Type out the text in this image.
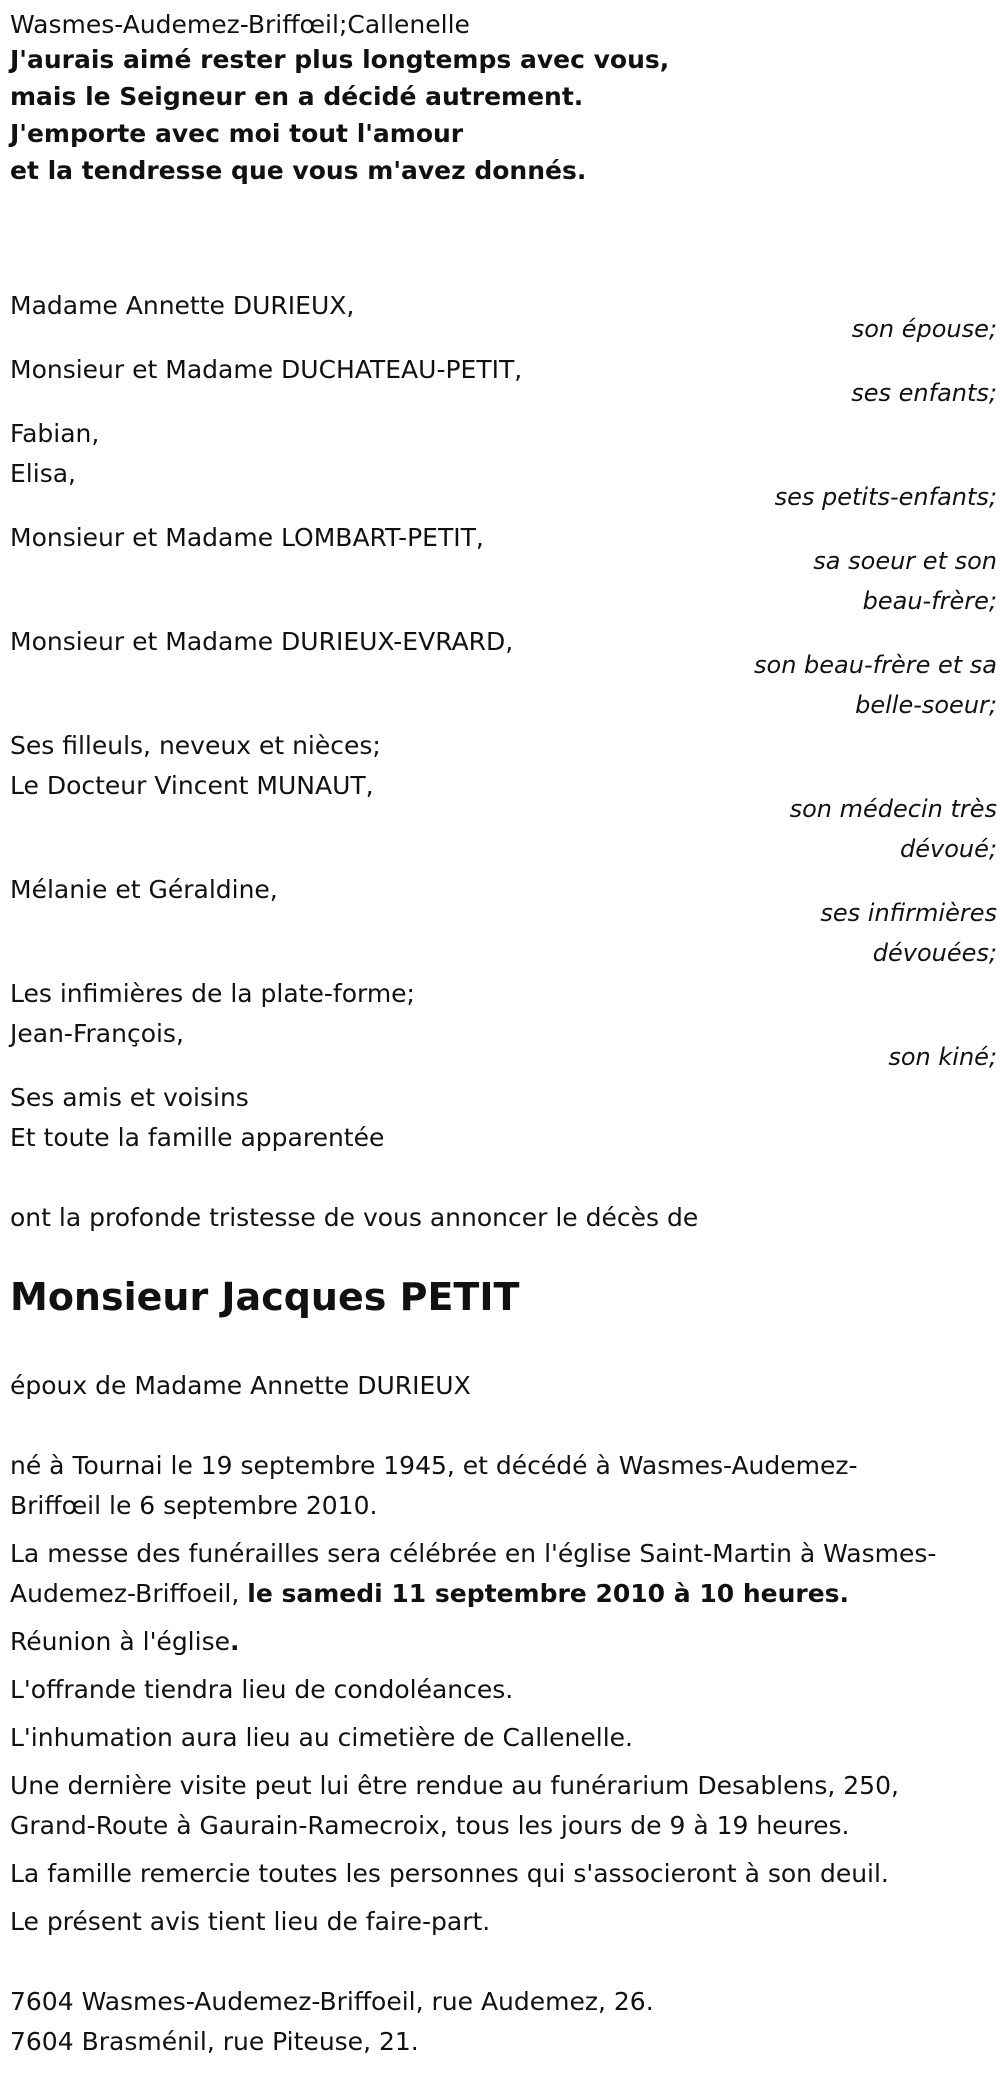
Wasmes-Audemez-Briffœil;Callenelle

J'aurais aimé rester plus longtemps avec vous,

mais le Seigneur en a décidé autrement.

J'emporte avec moi tout l'amour

et la tendresse que vous m'avez donnés.

Madame Annette DURIEUX,

son épouse;

Monsieur et Madame DUCHATEAU-PETIT,

ses enfants;

Fabian,

Elisa,

ses petits-enfants;

Monsieur et Madame LOMBART-PETIT,

sa soeur et son

beau-frère;

Monsieur et Madame DURIEUX-EVRARD,

son beau-frère et sa

belle-soeur;

Ses filleuls, neveux et nièces;

Le Docteur Vincent MUNAUT,

son médecin très

dévoué;

Mélanie et Géraldine,

ses infirmières

dévouées;

Les infimières de la plate-forme;

Jean-François,

son kiné;

Ses amis et voisins

Et toute la famille apparentée

ont la profonde tristesse de vous annoncer le décès de

Monsieur Jacques PETIT

époux de Madame Annette DURIEUX

né à Tournai le 19 septembre 1945, et décédé à Wasmes-Audemez-

Briffœil le 6 septembre 2010.

La messe des funérailles sera célébrée en l'église Saint-Martin à Wasmes-

Audemez-Briffoeil, le samedi 11 septembre 2010 à 10 heures.

Réunion à l'église.

L'offrande tiendra lieu de condoléances.

L'inhumation aura lieu au cimetière de Callenelle.

Une dernière visite peut lui être rendue au funérarium Desablens, 250,

Grand-Route à Gaurain-Ramecroix, tous les jours de 9 à 19 heures.

La famille remercie toutes les personnes qui s'associeront à son deuil.

Le présent avis tient lieu de faire-part.

7604 Wasmes-Audemez-Briffoeil, rue Audemez, 26.

7604 Brasménil, rue Piteuse, 21.
